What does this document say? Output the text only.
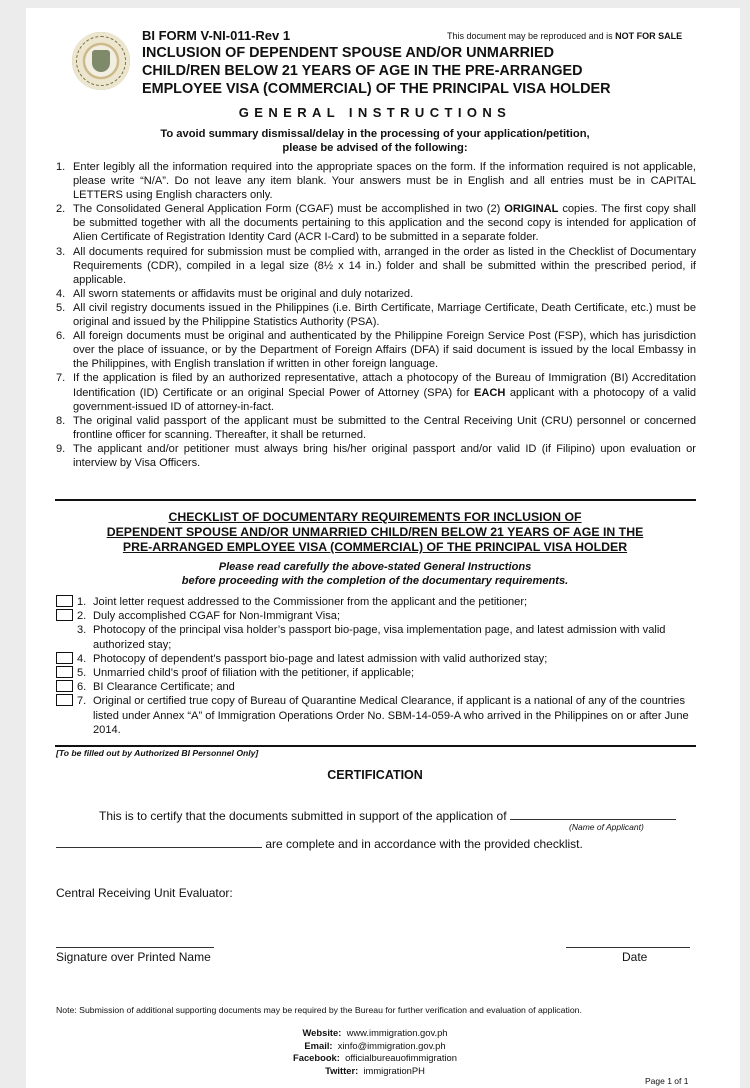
BI FORM V-NI-011-Rev 1	This document may be reproduced and is NOT FOR SALE
INCLUSION OF DEPENDENT SPOUSE AND/OR UNMARRIED
CHILD/REN BELOW 21 YEARS OF AGE IN THE PRE-ARRANGED
EMPLOYEE VISA (COMMERCIAL) OF THE PRINCIPAL VISA HOLDER
GENERAL INSTRUCTIONS
To avoid summary dismissal/delay in the processing of your application/petition,
please be advised of the following:
1. Enter legibly all the information required into the appropriate spaces on the form. If the information required is not applicable, please write “N/A”. Do not leave any item blank. Your answers must be in English and all entries must be in CAPITAL LETTERS using English characters only.
2. The Consolidated General Application Form (CGAF) must be accomplished in two (2) ORIGINAL copies. The first copy shall be submitted together with all the documents pertaining to this application and the second copy is intended for application of Alien Certificate of Registration Identity Card (ACR I-Card) to be submitted in a separate folder.
3. All documents required for submission must be complied with, arranged in the order as listed in the Checklist of Documentary Requirements (CDR), compiled in a legal size (8½ x 14 in.) folder and shall be submitted within the prescribed period, if applicable.
4. All sworn statements or affidavits must be original and duly notarized.
5. All civil registry documents issued in the Philippines (i.e. Birth Certificate, Marriage Certificate, Death Certificate, etc.) must be original and issued by the Philippine Statistics Authority (PSA).
6. All foreign documents must be original and authenticated by the Philippine Foreign Service Post (FSP), which has jurisdiction over the place of issuance, or by the Department of Foreign Affairs (DFA) if said document is issued by the local Embassy in the Philippines, with English translation if written in other foreign language.
7. If the application is filed by an authorized representative, attach a photocopy of the Bureau of Immigration (BI) Accreditation Identification (ID) Certificate or an original Special Power of Attorney (SPA) for EACH applicant with a photocopy of a valid government-issued ID of attorney-in-fact.
8. The original valid passport of the applicant must be submitted to the Central Receiving Unit (CRU) personnel or concerned frontline officer for scanning. Thereafter, it shall be returned.
9. The applicant and/or petitioner must always bring his/her original passport and/or valid ID (if Filipino) upon evaluation or interview by Visa Officers.
CHECKLIST OF DOCUMENTARY REQUIREMENTS FOR INCLUSION OF
DEPENDENT SPOUSE AND/OR UNMARRIED CHILD/REN BELOW 21 YEARS OF AGE IN THE
PRE-ARRANGED EMPLOYEE VISA (COMMERCIAL) OF THE PRINCIPAL VISA HOLDER
Please read carefully the above-stated General Instructions
before proceeding with the completion of the documentary requirements.
1. Joint letter request addressed to the Commissioner from the applicant and the petitioner;
2. Duly accomplished CGAF for Non-Immigrant Visa;
3. Photocopy of the principal visa holder’s passport bio-page, visa implementation page, and latest admission with valid authorized stay;
4. Photocopy of dependent’s passport bio-page and latest admission with valid authorized stay;
5. Unmarried child’s proof of filiation with the petitioner, if applicable;
6. BI Clearance Certificate; and
7. Original or certified true copy of Bureau of Quarantine Medical Clearance, if applicant is a national of any of the countries listed under Annex “A” of Immigration Operations Order No. SBM-14-059-A who arrived in the Philippines on or after June 2014.
[To be filled out by Authorized BI Personnel Only]
CERTIFICATION
This is to certify that the documents submitted in support of the application of
(Name of Applicant)
are complete and in accordance with the provided checklist.
Central Receiving Unit Evaluator:
Signature over Printed Name	Date
Note: Submission of additional supporting documents may be required by the Bureau for further verification and evaluation of application.
Website: www.immigration.gov.ph
Email: xinfo@immigration.gov.ph
Facebook: officialbureauofimmigration
Twitter: immigrationPH
Page 1 of 1
